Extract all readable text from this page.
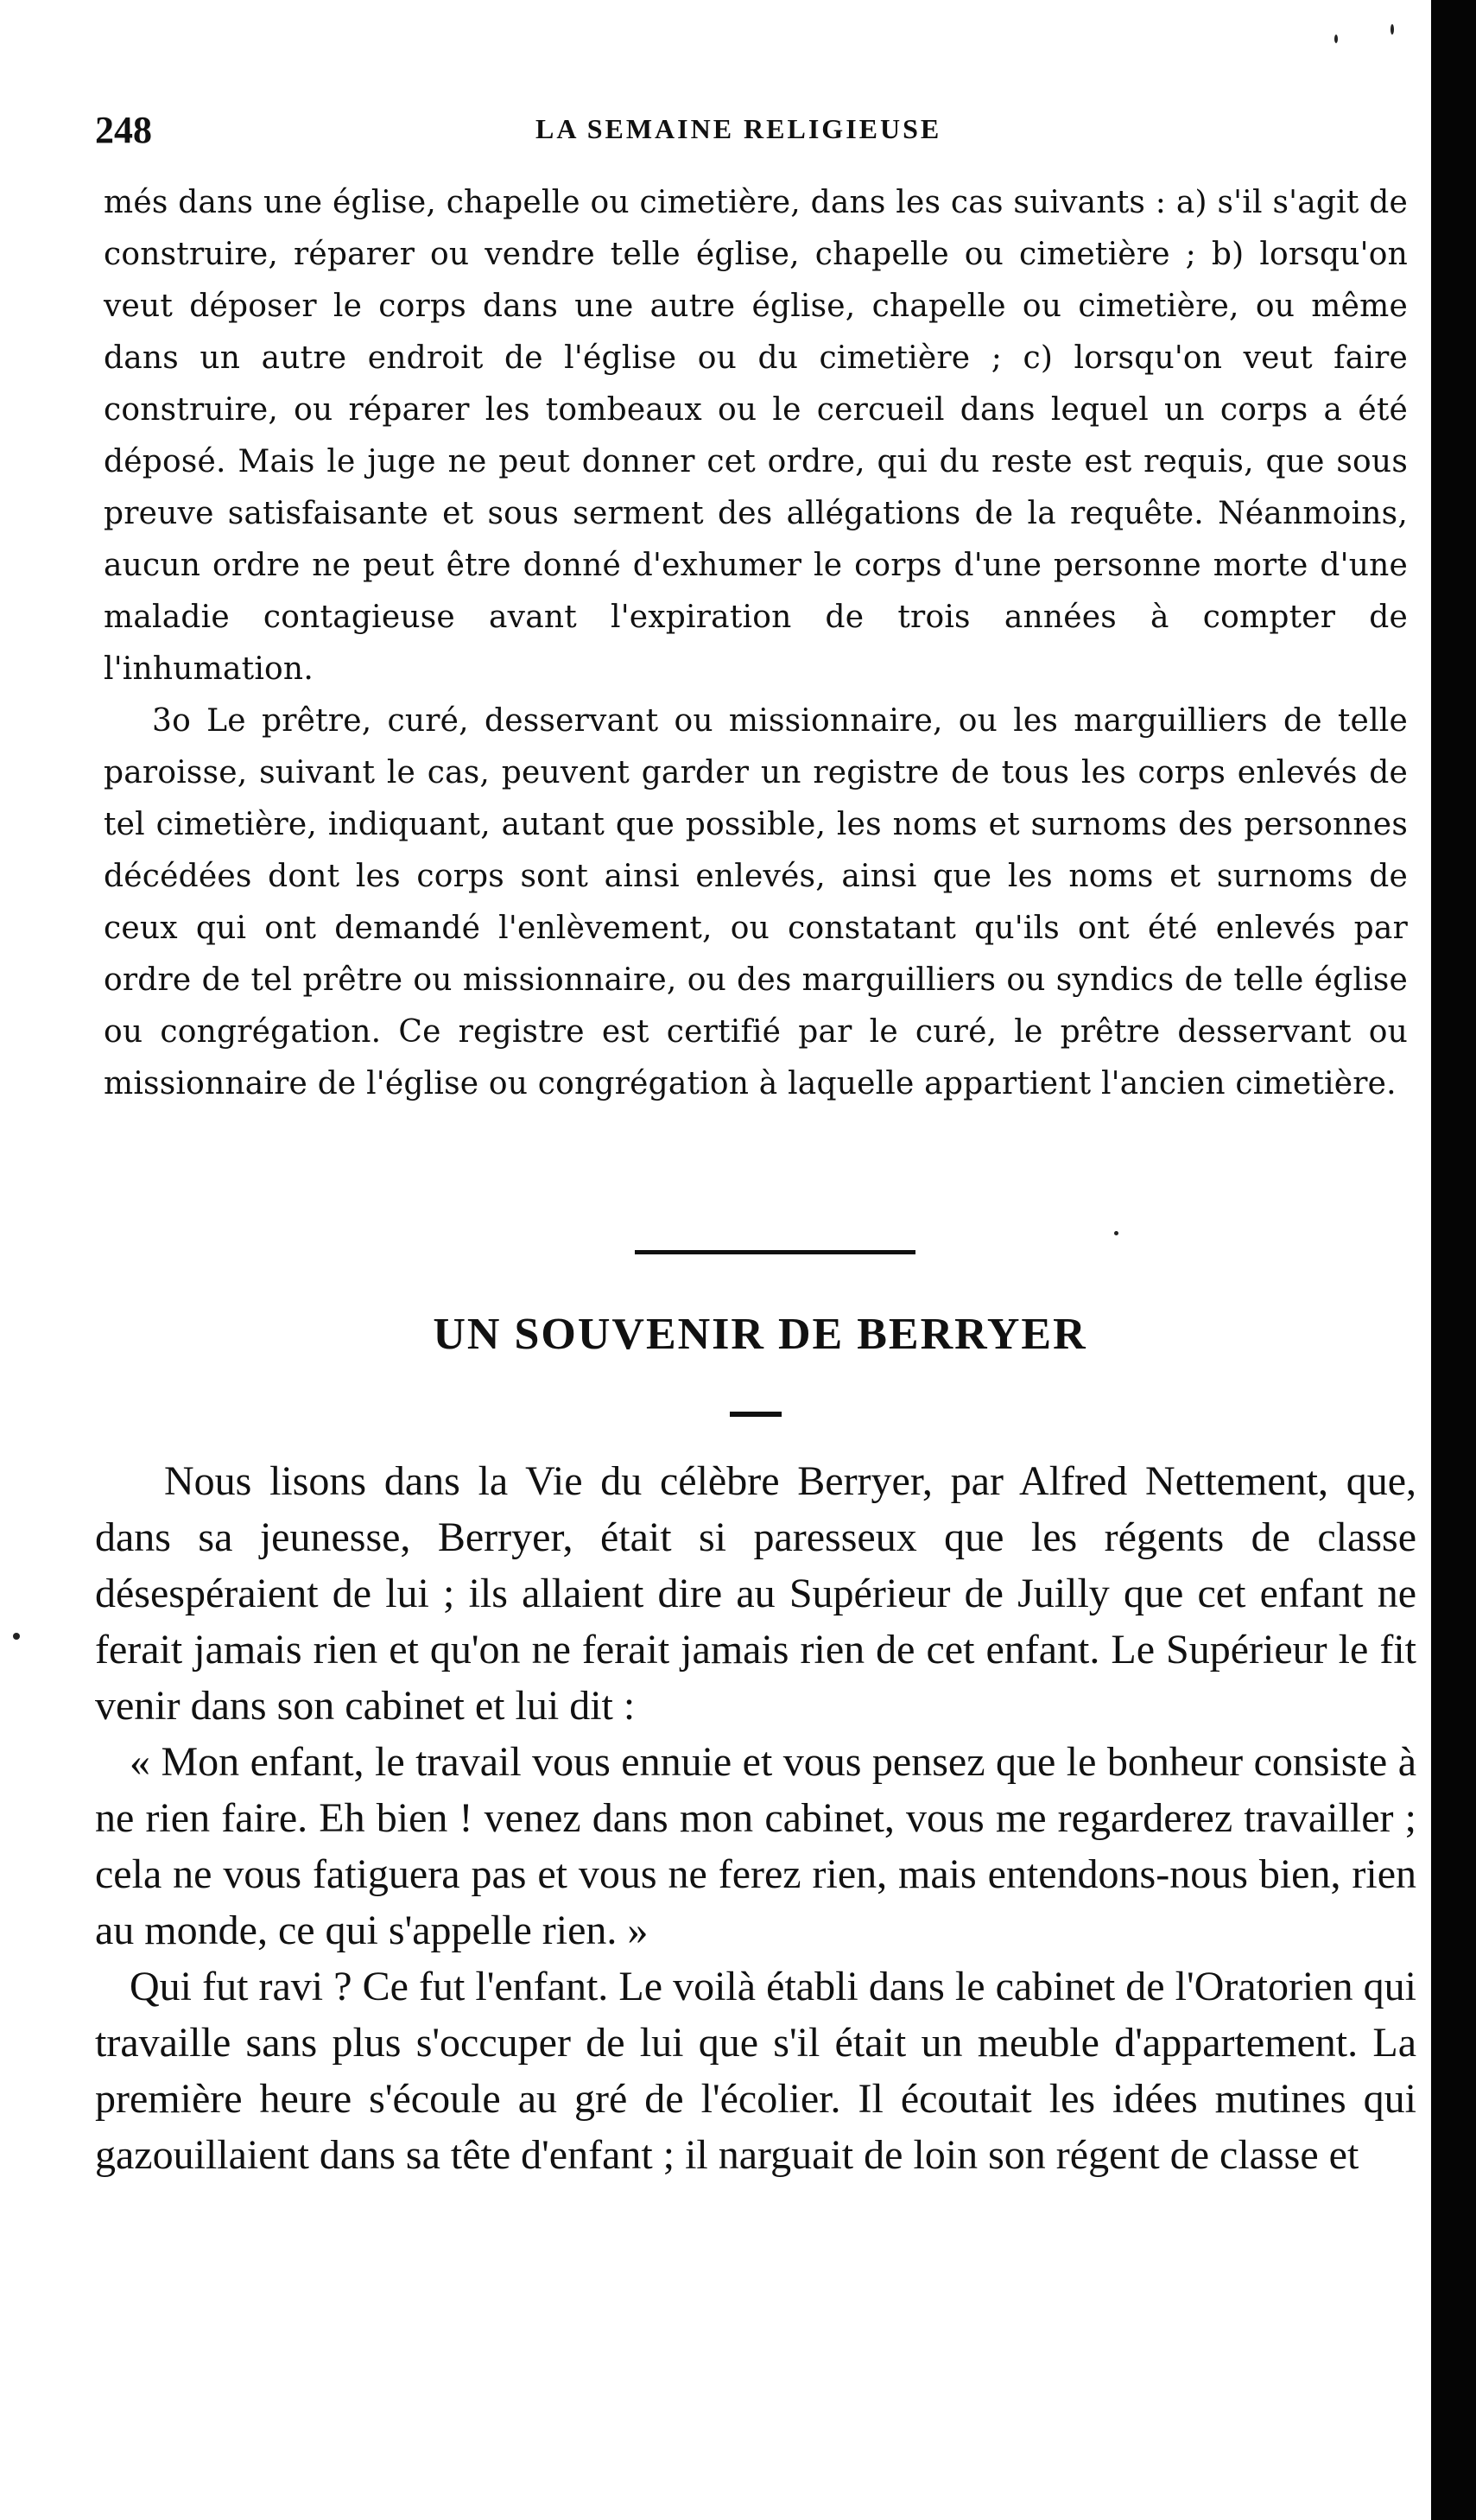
248	LA SEMAINE RELIGIEUSE

més dans une église, chapelle ou cimetière, dans les cas suivants : a) s'il s'agit de construire, réparer ou vendre telle église, chapelle ou cimetière ; b) lorsqu'on veut déposer le corps dans une autre église, chapelle ou cimetière, ou même dans un autre endroit de l'église ou du cimetière ; c) lorsqu'on veut faire construire, ou réparer les tombeaux ou le cercueil dans lequel un corps a été déposé. Mais le juge ne peut donner cet ordre, qui du reste est requis, que sous preuve satisfaisante et sous serment des allégations de la requête. Néanmoins, aucun ordre ne peut être donné d'exhumer le corps d'une personne morte d'une maladie contagieuse avant l'expiration de trois années à compter de l'inhumation.

3o Le prêtre, curé, desservant ou missionnaire, ou les marguilliers de telle paroisse, suivant le cas, peuvent garder un registre de tous les corps enlevés de tel cimetière, indiquant, autant que possible, les noms et surnoms des personnes décédées dont les corps sont ainsi enlevés, ainsi que les noms et surnoms de ceux qui ont demandé l'enlèvement, ou constatant qu'ils ont été enlevés par ordre de tel prêtre ou missionnaire, ou des marguilliers ou syndics de telle église ou congrégation. Ce registre est certifié par le curé, le prêtre desservant ou missionnaire de l'église ou congrégation à laquelle appartient l'ancien cimetière.

UN SOUVENIR DE BERRYER

Nous lisons dans la Vie du célèbre Berryer, par Alfred Nettement, que, dans sa jeunesse, Berryer, était si paresseux que les régents de classe désespéraient de lui ; ils allaient dire au Supérieur de Juilly que cet enfant ne ferait jamais rien et qu'on ne ferait jamais rien de cet enfant. Le Supérieur le fit venir dans son cabinet et lui dit :

« Mon enfant, le travail vous ennuie et vous pensez que le bonheur consiste à ne rien faire. Eh bien ! venez dans mon cabinet, vous me regarderez travailler ; cela ne vous fatiguera pas et vous ne ferez rien, mais entendons-nous bien, rien au monde, ce qui s'appelle rien. »

Qui fut ravi ? Ce fut l'enfant. Le voilà établi dans le cabinet de l'Oratorien qui travaille sans plus s'occuper de lui que s'il était un meuble d'appartement. La première heure s'écoule au gré de l'écolier. Il écoutait les idées mutines qui gazouillaient dans sa tête d'enfant ; il narguait de loin son régent de classe et
